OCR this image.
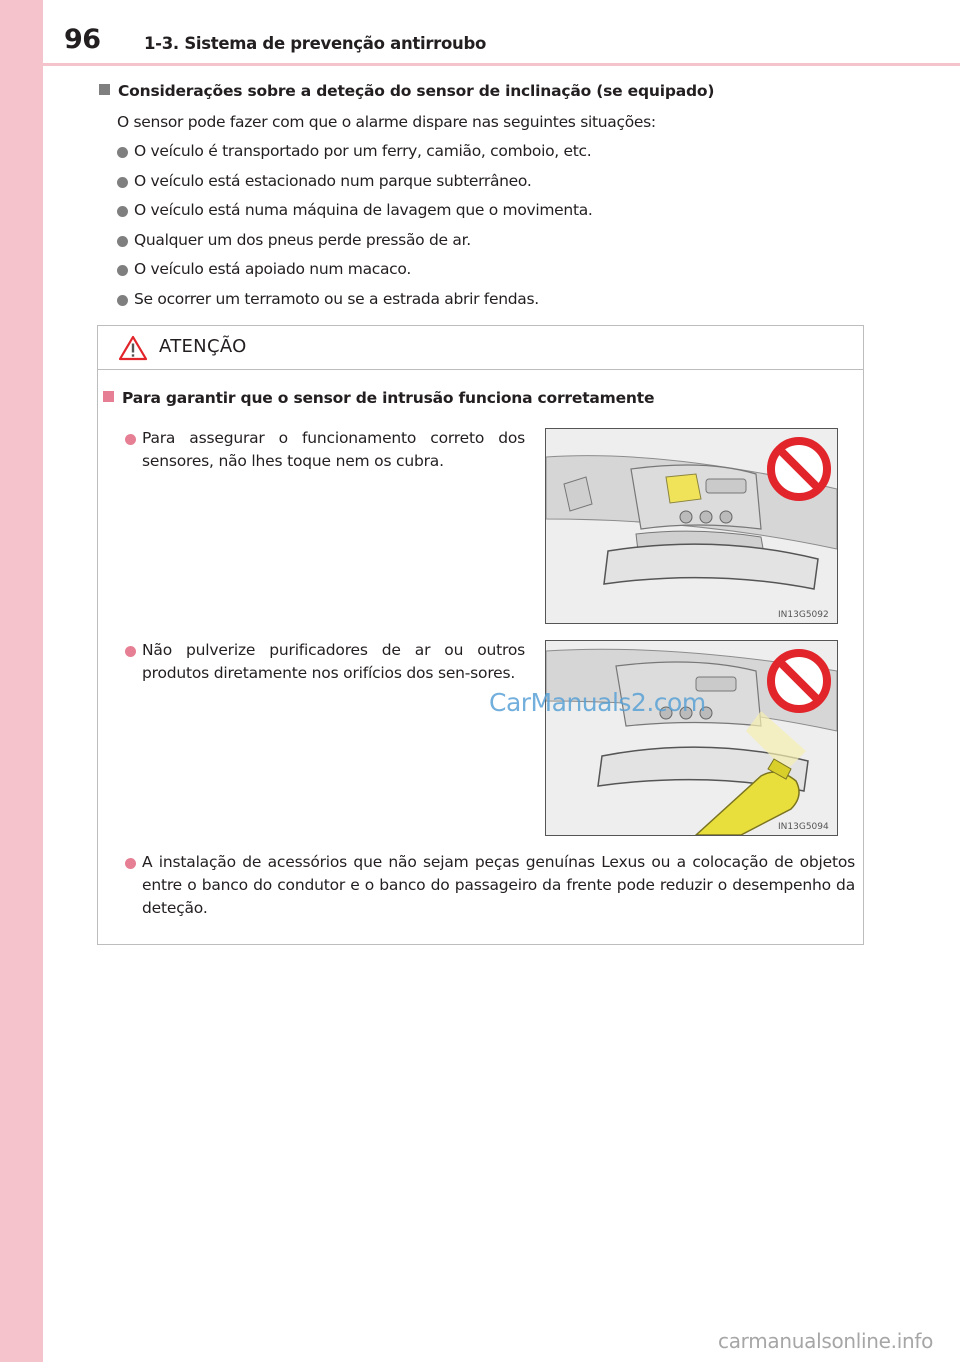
96	1-3. Sistema de prevenção antirroubo
Considerações sobre a deteção do sensor de inclinação (se equipado)
O sensor pode fazer com que o alarme dispare nas seguintes situações:
O veículo é transportado por um ferry, camião, comboio, etc.
O veículo está estacionado num parque subterrâneo.
O veículo está numa máquina de lavagem que o movimenta.
Qualquer um dos pneus perde pressão de ar.
O veículo está apoiado num macaco.
Se ocorrer um terramoto ou se a estrada abrir fendas.
ATENÇÃO
Para garantir que o sensor de intrusão funciona corretamente

Para assegurar o funcionamento correto dos sensores, não lhes toque nem os cubra.

IN13G5092

Não pulverize purificadores de ar ou outros produtos diretamente nos orifícios dos sen-sores.

IN13G5094

A instalação de acessórios que não sejam peças genuínas Lexus ou a colocação de objetos entre o banco do condutor e o banco do passageiro da frente pode reduzir o desempenho da deteção.

CarManuals2.com
carmanualsonline.info
